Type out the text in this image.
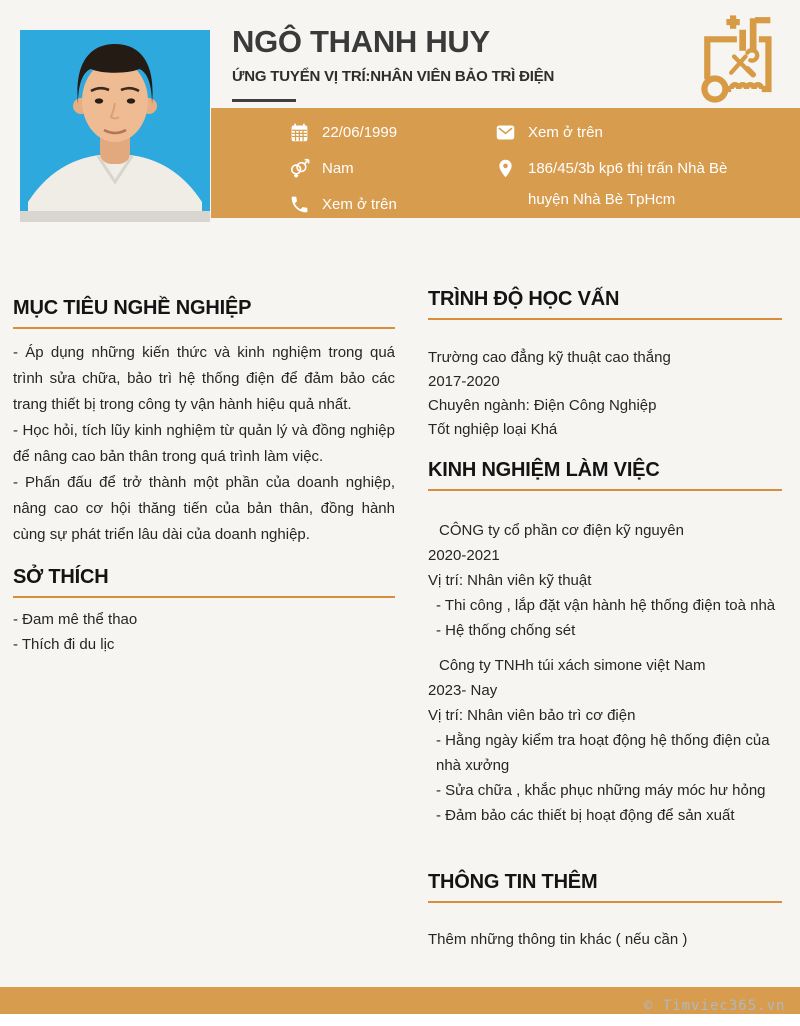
NGÔ THANH HUY
ỨNG TUYỂN VỊ TRÍ:NHÂN VIÊN BẢO TRÌ ĐIỆN
22/06/1999
Nam
Xem ở trên
Xem ở trên
186/45/3b kp6 thị trấn Nhà Bè
huyện Nhà Bè TpHcm
MỤC TIÊU NGHỀ NGHIỆP

- Áp dụng những kiến thức và kinh nghiệm trong quá trình sửa chữa, bảo trì hệ thống điện để đảm bảo các trang thiết bị trong công ty vận hành hiệu quả nhất.

- Học hỏi, tích lũy kinh nghiệm từ quản lý và đồng nghiệp để nâng cao bản thân trong quá trình làm việc.

- Phấn đấu để trở thành một phần của doanh nghiệp, nâng cao cơ hội thăng tiến của bản thân, đồng hành cùng sự phát triển lâu dài của doanh nghiệp.

SỞ THÍCH
- Đam mê thể thao
- Thích đi du lịc
TRÌNH ĐỘ HỌC VẤN
Trường cao đẳng kỹ thuật cao thắng
2017-2020
Chuyên ngành: Điện Công Nghiệp
Tốt nghiệp loại Khá
KINH NGHIỆM LÀM VIỆC
CÔNG ty cổ phần cơ điện kỹ nguyên
2020-2021
Vị trí: Nhân viên kỹ thuật
- Thi công , lắp đặt vận hành hệ thống điện toà nhà
- Hệ thống chống sét
Công ty TNHh túi xách simone việt Nam
2023- Nay
Vị trí: Nhân viên bảo trì cơ điện
- Hằng ngày kiểm tra hoạt động hệ thống điện của nhà xưởng
- Sửa chữa , khắc phục những máy móc hư hỏng
- Đảm bảo các thiết bị hoạt động để sản xuất
THÔNG TIN THÊM
Thêm những thông tin khác ( nếu cần )
© Timviec365.vn
